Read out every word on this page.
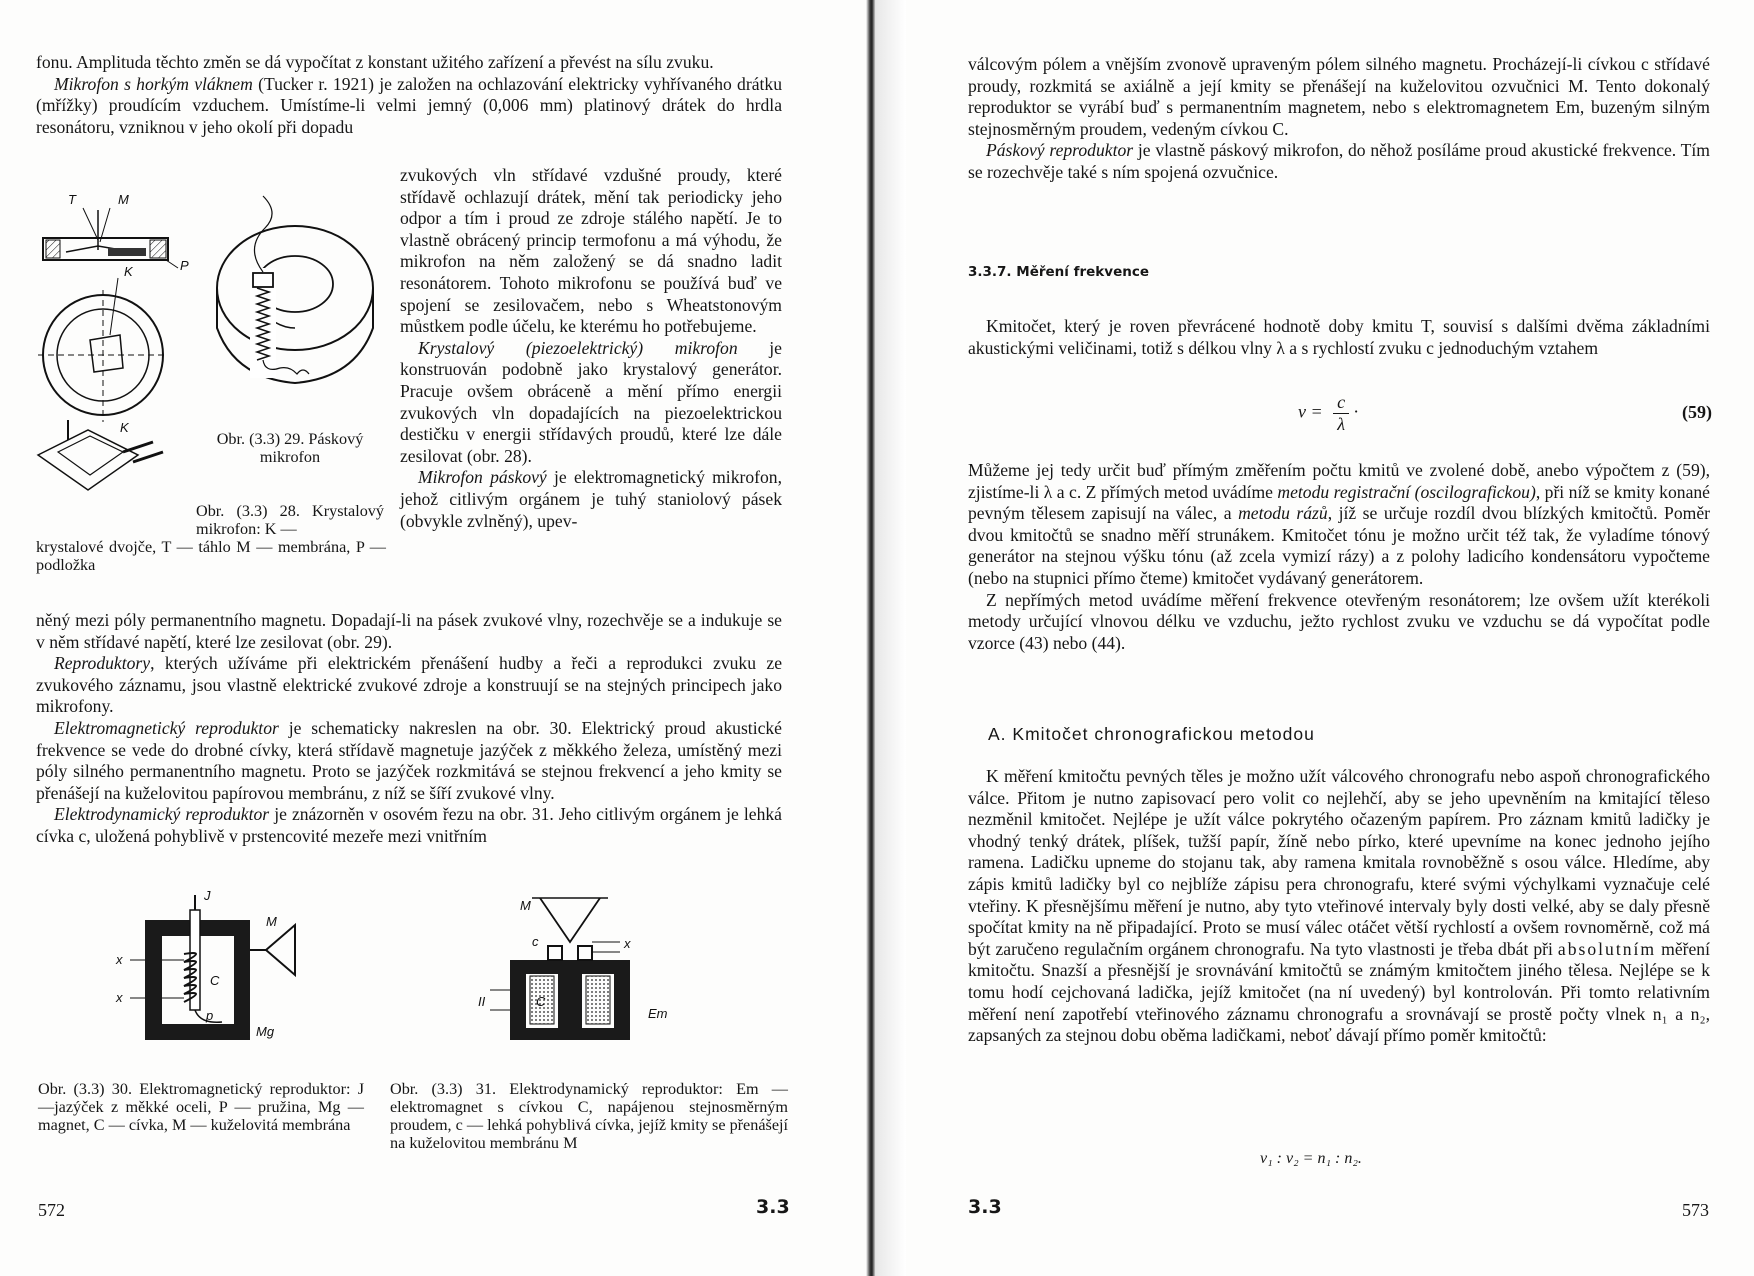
fonu. Amplituda těchto změn se dá vypočítat z konstant užitého zařízení a převést na sílu zvuku.

Mikrofon s horkým vláknem (Tucker r. 1921) je založen na ochlazování elektricky vyhřívaného drátku (mřížky) proudícím vzduchem. Umístíme-li velmi jemný (0,006 mm) platinový drátek do hrdla resonátoru, vzniknou v jeho okolí při dopadu

zvukových vln střídavé vzdušné proudy, které střídavě ochlazují drátek, mění tak periodicky jeho odpor a tím i proud ze zdroje stálého napětí. Je to vlastně obrácený princip termofonu a má výhodu, že mikrofon na něm založený se dá snadno ladit resonátorem. Tohoto mikrofonu se používá buď ve spojení se zesilovačem, nebo s Wheatstonovým můstkem podle účelu, ke kterému ho potřebujeme.

Krystalový (piezoelektrický) mikrofon je konstruován podobně jako krystalový generátor. Pracuje ovšem obráceně a mění přímo energii zvukových vln dopadajících na piezoelektrickou destičku v energii střídavých proudů, které lze dále zesilovat (obr. 28).

Mikrofon páskový je elektromagnetický mikrofon, jehož citlivým orgánem je tuhý staniolový pásek (obvykle zvlněný), upev-

T	M
P
K
K
Obr. (3.3) 29. Páskový mikrofon
Obr. (3.3) 28. Krystalový mikrofon: K —
krystalové dvojče, T — táhlo M — membrána, P — podložka

něný mezi póly permanentního magnetu. Dopadají-li na pásek zvukové vlny, rozechvěje se a indukuje se v něm střídavé napětí, které lze zesilovat (obr. 29).

Reproduktory, kterých užíváme při elektrickém přenášení hudby a řeči a reprodukci zvuku ze zvukového záznamu, jsou vlastně elektrické zvukové zdroje a konstruují se na stejných principech jako mikrofony.

Elektromagnetický reproduktor je schematicky nakreslen na obr. 30. Elektrický proud akustické frekvence se vede do drobné cívky, která střídavě magnetuje jazýček z měkkého železa, umístěný mezi póly silného permanentního magnetu. Proto se jazýček rozkmitává se stejnou frekvencí a jeho kmity se přenášejí na kuželovitou papírovou membránu, z níž se šíří zvukové vlny.

Elektrodynamický reproduktor je znázorněn v osovém řezu na obr. 31. Jeho citlivým orgánem je lehká cívka c, uložená pohyblivě v prstencovité mezeře mezi vnitřním

J
M
x
x
C
p
Mg
M
c	x
II	C
Em
Obr. (3.3) 30. Elektromagnetický reproduktor: J—jazýček z měkké oceli, P — pružina, Mg — magnet, C — cívka, M — kuželovitá membrána
Obr. (3.3) 31. Elektrodynamický reproduktor: Em — elektromagnet s cívkou C, napájenou stejnosměrným proudem, c — lehká pohyblivá cívka, jejíž kmity se přenášejí na kuželovitou membránu M
572	3.3

válcovým pólem a vnějším zvonově upraveným pólem silného magnetu. Procházejí-li cívkou c střídavé proudy, rozkmitá se axiálně a její kmity se přenášejí na kuželovitou ozvučnici M. Tento dokonalý reproduktor se vyrábí buď s permanentním magnetem, nebo s elektromagnetem Em, buzeným silným stejnosměrným proudem, vedeným cívkou C.

Páskový reproduktor je vlastně páskový mikrofon, do něhož posíláme proud akustické frekvence. Tím se rozechvěje také s ním spojená ozvučnice.

3.3.7. Měření frekvence

Kmitočet, který je roven převrácené hodnotě doby kmitu T, souvisí s dalšími dvěma základními akustickými veličinami, totiž s délkou vlny λ a s rychlostí zvuku c jednoduchým vztahem

$\nu = \frac{c}{\lambda}$ ·	(59)

Můžeme jej tedy určit buď přímým změřením počtu kmitů ve zvolené době, anebo výpočtem z (59), zjistíme-li λ a c. Z přímých metod uvádíme metodu registrační (oscilografickou), při níž se kmity konané pevným tělesem zapisují na válec, a metodu rázů, jíž se určuje rozdíl dvou blízkých kmitočtů. Poměr dvou kmitočtů se snadno měří strunákem. Kmitočet tónu je možno určit též tak, že vyladíme tónový generátor na stejnou výšku tónu (až zcela vymizí rázy) a z polohy ladicího kondensátoru vypočteme (nebo na stupnici přímo čteme) kmitočet vydávaný generátorem.

Z nepřímých metod uvádíme měření frekvence otevřeným resonátorem; lze ovšem užít kterékoli metody určující vlnovou délku ve vzduchu, ježto rychlost zvuku ve vzduchu se dá vypočítat podle vzorce (43) nebo (44).

A. Kmitočet chronografickou metodou

K měření kmitočtu pevných těles je možno užít válcového chronografu nebo aspoň chronografického válce. Přitom je nutno zapisovací pero volit co nejlehčí, aby se jeho upevněním na kmitající těleso nezměnil kmitočet. Nejlépe je užít válce pokrytého očazeným papírem. Pro záznam kmitů ladičky je vhodný tenký drátek, plíšek, tužší papír, žíně nebo pírko, které upevníme na konec jednoho jejího ramena. Ladičku upneme do stojanu tak, aby ramena kmitala rovnoběžně s osou válce. Hledíme, aby zápis kmitů ladičky byl co nejblíže zápisu pera chronografu, které svými výchylkami vyznačuje celé vteřiny. K přesnějšímu měření je nutno, aby tyto vteřinové intervaly byly dosti velké, aby se daly přesně spočítat kmity na ně připadající. Proto se musí válec otáčet větší rychlostí a ovšem rovnoměrně, což má být zaručeno regulačním orgánem chronografu. Na tyto vlastnosti je třeba dbát při absolutním měření kmitočtu. Snazší a přesnější je srovnávání kmitočtů se známým kmitočtem jiného tělesa. Nejlépe se k tomu hodí cejchovaná ladička, jejíž kmitočet (na ní uvedený) byl kontrolován. Při tomto relativním měření není zapotřebí vteřinového záznamu chronografu a srovnávají se prostě počty vlnek n₁ a n₂, zapsaných za stejnou dobu oběma ladičkami, neboť dávají přímo poměr kmitočtů:

ν₁ : ν₂ = n₁ : n₂.
3.3	573
